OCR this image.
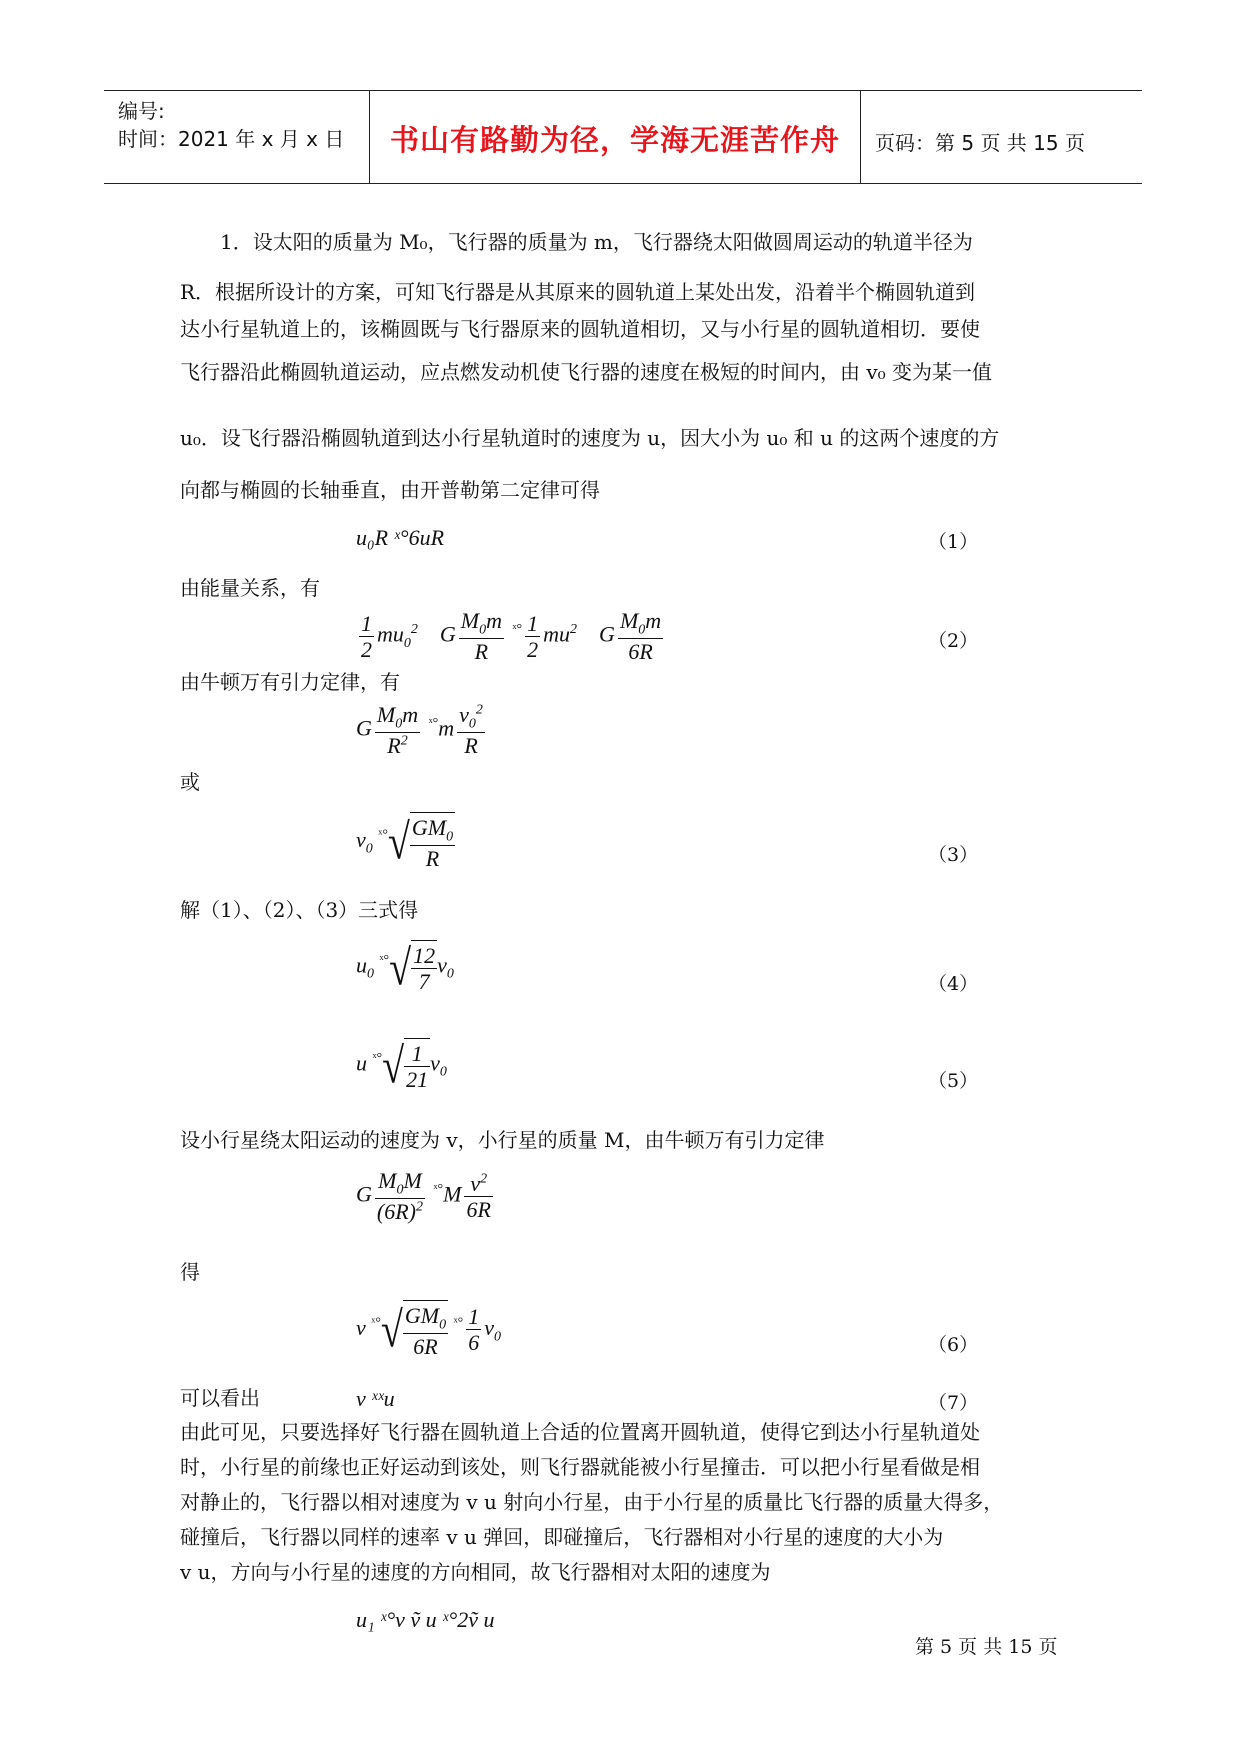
编号:
时间：2021 年 x 月 x 日 书山有路勤为径，学海无涯苦作舟 页码：第 5 页 共 15 页
1．设太阳的质量为 M₀，飞行器的质量为 m，飞行器绕太阳做圆周运动的轨道半径为
R．根据所设计的方案，可知飞行器是从其原来的圆轨道上某处出发，沿着半个椭圆轨道到
达小行星轨道上的，该椭圆既与飞行器原来的圆轨道相切，又与小行星的圆轨道相切．要使
飞行器沿此椭圆轨道运动，应点燃发动机使飞行器的速度在极短的时间内，由 v₀ 变为某一值
u₀．设飞行器沿椭圆轨道到达小行星轨道时的速度为 u，因大小为 u₀ 和 u 的这两个速度的方
向都与椭圆的长轴垂直，由开普勒第二定律可得
u₀R ˣ°6uR	（1）
由能量关系，有
$\frac{1}{2} mu_0^2$    G $\frac{M_0m}{R} ^{ˣ^\circ} \frac{1}{2} mu^2$    G $\frac{M_0m}{6R}$	（2）
由牛顿万有引力定律，有
G $\frac{M_0m}{R^2} ^{ˣ^\circ}m \frac{v_0^2}{R}$
或
$v_0$ $^{ˣ^\circ}√ \frac{GM_0}{R}$	（3）
解（1）、（2）、（3）三式得
$u_0$ $^{ˣ^\circ}√ \frac{12}{7} v_0$	（4）
u $^{ˣ^\circ}√ \frac{1}{21} v_0$	（5）
设小行星绕太阳运动的速度为 v，小行星的质量 M，由牛顿万有引力定律
G $\frac{M_0M}{(6R)^2} ^{ˣ^\circ}M \frac{v^2}{6R}$
得
v $^{ˣ^\circ}√ \frac{GM_0}{6R} ^{ˣ^\circ} \frac{1}{6} v_0$	（6）
可以看出	v ˣˣu	（7）
由此可见，只要选择好飞行器在圆轨道上合适的位置离开圆轨道，使得它到达小行星轨道处
时，小行星的前缘也正好运动到该处，则飞行器就能被小行星撞击．可以把小行星看做是相
对静止的，飞行器以相对速度为 v u 射向小行星，由于小行星的质量比飞行器的质量大得多，
碰撞后，飞行器以同样的速率 v u 弹回，即碰撞后，飞行器相对小行星的速度的大小为
v u，方向与小行星的速度的方向相同，故飞行器相对太阳的速度为
u₁ ˣ°v ṽ u ˣ°2ṽ u
第 5 页 共 15 页
